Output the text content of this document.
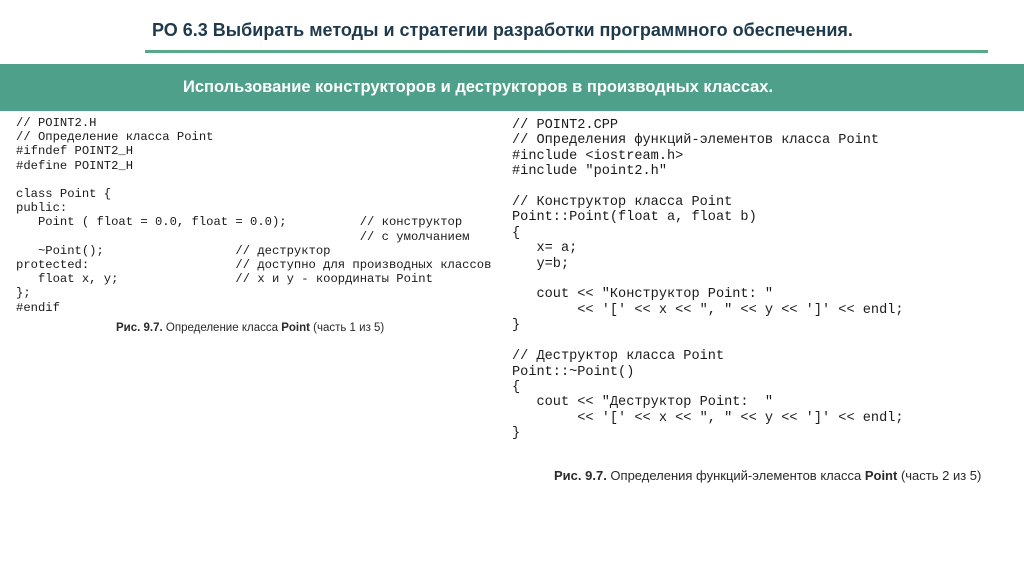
РО 6.3 Выбирать методы и стратегии разработки программного обеспечения.
Использование конструкторов и деструкторов в производных классах.
// POINT2.H
// Определение класса Point
#ifndef POINT2_H
#define POINT2_H

class Point {
public:
Point ( float = 0.0, float = 0.0);          // конструктор
// с умолчанием
~Point();                  // деструктор
protected:                    // доступно для производных классов
float x, y;                // x и y - координаты Point
};
#endif
Рис. 9.7. Определение класса Point (часть 1 из 5)
// POINT2.CPP
// Определения функций-элементов класса Point
#include <iostream.h>
#include "point2.h"

// Конструктор класса Point
Point::Point(float a, float b)
{
x= a;
y=b;

cout << "Конструктор Point: "
<< '[' << x << ", " << y << ']' << endl;
}

// Деструктор класса Point
Point::~Point()
{
cout << "Деструктор Point:  "
<< '[' << x << ", " << y << ']' << endl;
}
Рис. 9.7. Определения функций-элементов класса Point (часть 2 из 5)
